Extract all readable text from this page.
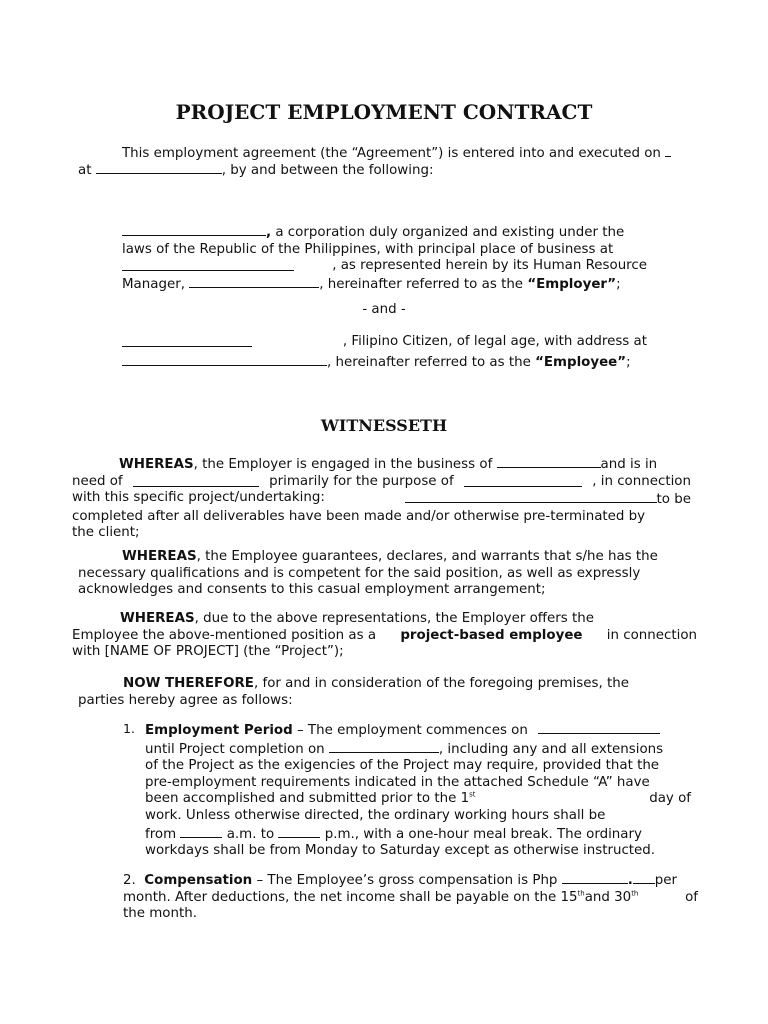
PROJECT EMPLOYMENT CONTRACT
This employment agreement (the “Agreement”) is entered into and executed on
at	, by and between the following:
, a corporation duly organized and existing under the
laws of the Republic of the Philippines, with principal place of business at
, as represented herein by its Human Resource
Manager,	, hereinafter referred to as the “Employer”;
- and -
, Filipino Citizen, of legal age, with address at
, hereinafter referred to as the “Employee”;
WITNESSETH
WHEREAS, the Employer is engaged in the business of	and is in
need of	primarily for the purpose of	, in connection
with this specific project/undertaking:	to be
completed after all deliverables have been made and/or otherwise pre-terminated by
the client;
WHEREAS, the Employee guarantees, declares, and warrants that s/he has the
necessary qualifications and is competent for the said position, as well as expressly
acknowledges and consents to this casual employment arrangement;
WHEREAS, due to the above representations, the Employer offers the
Employee the above-mentioned position as a project-based employee in connection
with [NAME OF PROJECT] (the “Project”);
NOW THEREFORE, for and in consideration of the foregoing premises, the
parties hereby agree as follows:
1. Employment Period – The employment commences on
until Project completion on	, including any and all extensions
of the Project as the exigencies of the Project may require, provided that the
pre-employment requirements indicated in the attached Schedule “A” have
been accomplished and submitted prior to the 1st	day of
work. Unless otherwise directed, the ordinary working hours shall be
from	a.m. to	p.m., with a one-hour meal break. The ordinary
workdays shall be from Monday to Saturday except as otherwise instructed.
2. Compensation – The Employee’s gross compensation is Php	. per
month. After deductions, the net income shall be payable on the 15thand 30th	of
the month.
